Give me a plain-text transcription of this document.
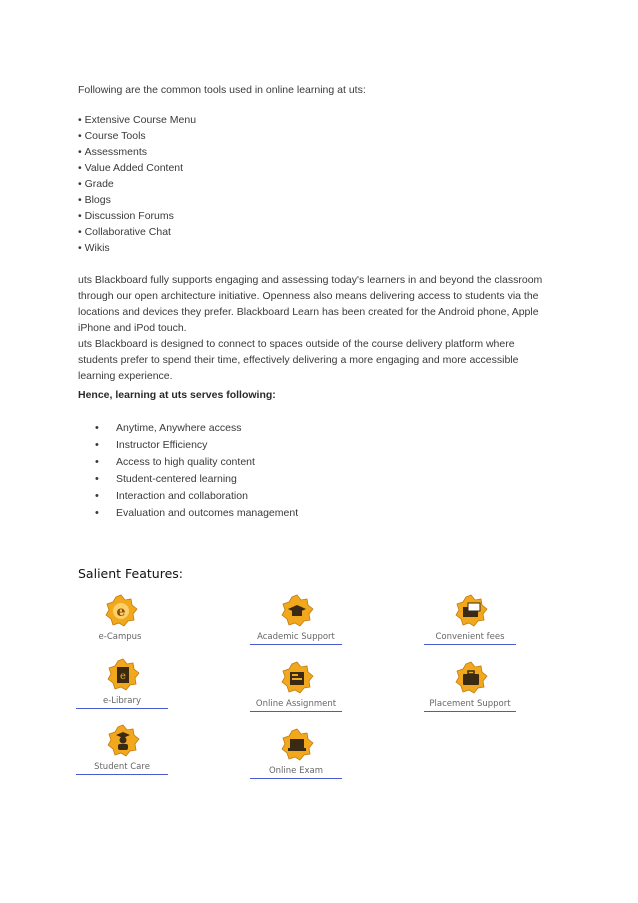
Following are the common tools used in online learning at uts:
• Extensive Course Menu
• Course Tools
• Assessments
• Value Added Content
• Grade
• Blogs
• Discussion Forums
• Collaborative Chat
• Wikis

uts Blackboard fully supports engaging and assessing today's learners in and beyond the classroom through our open architecture initiative. Openness also means delivering access to students via the locations and devices they prefer. Blackboard Learn has been created for the Android phone, Apple iPhone and iPod touch.

uts Blackboard is designed to connect to spaces outside of the course delivery platform where students prefer to spend their time, effectively delivering a more engaging and more accessible learning experience.

Hence, learning at uts serves following:
• Anytime, Anywhere access
• Instructor Efficiency
• Access to high quality content
• Student-centered learning
• Interaction and collaboration
• Evaluation and outcomes management
Salient Features:
e
e-Campus	Academic Support	Convenient fees
e
e-Library	Online Assignment	Placement Support
Student Care	Online Exam
